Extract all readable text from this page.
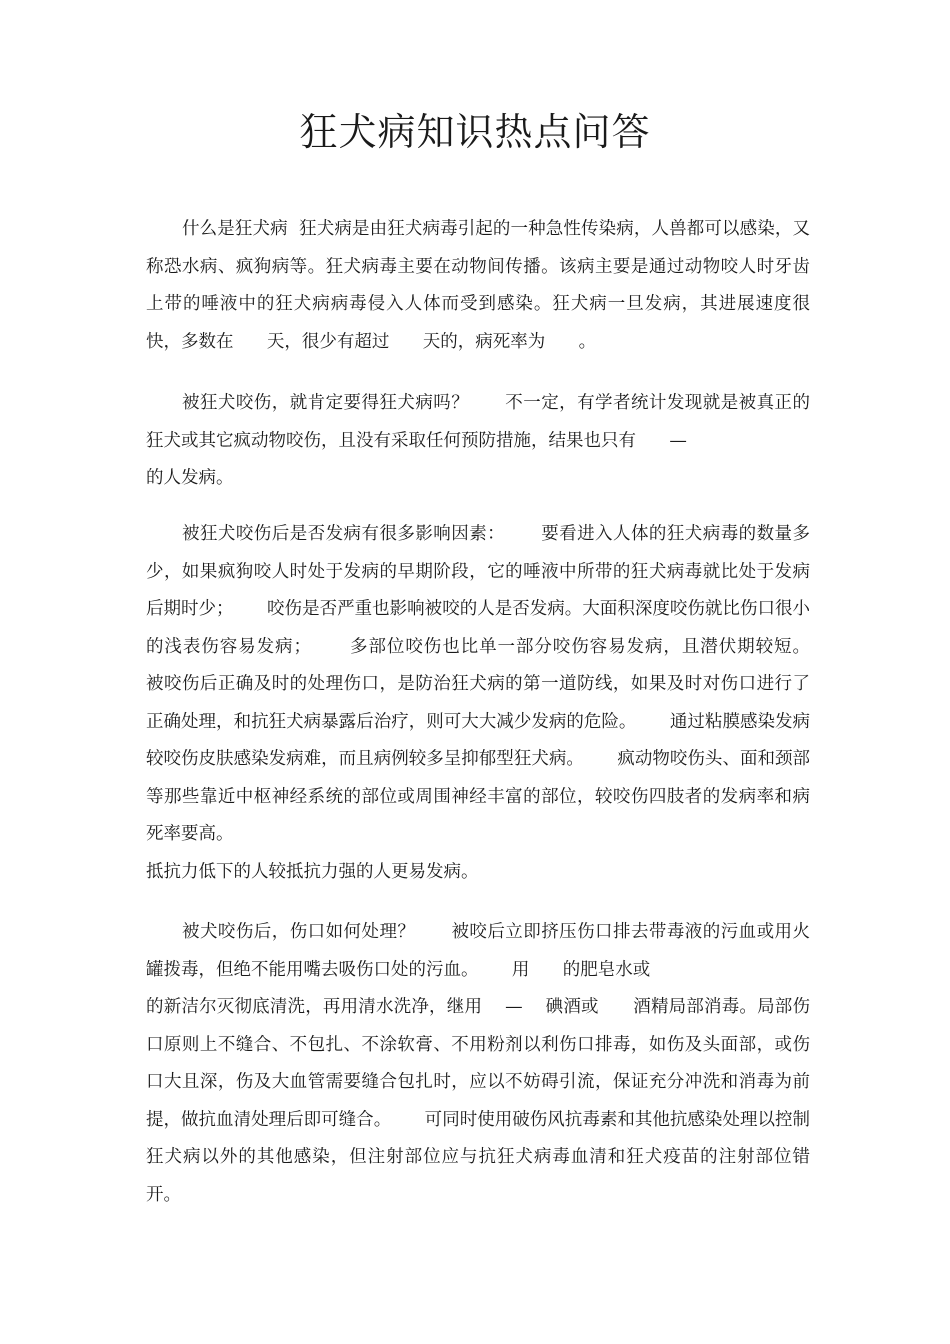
狂犬病知识热点问答
什么是狂犬病  狂犬病是由狂犬病毒引起的一种急性传染病，人兽都可以感染，又称恐水病、疯狗病等。狂犬病毒主要在动物间传播。该病主要是通过动物咬人时牙齿上带的唾液中的狂犬病病毒侵入人体而受到感染。狂犬病一旦发病，其进展速度很快，多数在      天，很少有超过      天的，病死率为      。
被狂犬咬伤，就肯定要得狂犬病吗？      不一定，有学者统计发现就是被真正的狂犬或其它疯动物咬伤，且没有采取任何预防措施，结果也只有      —
的人发病。
被狂犬咬伤后是否发病有很多影响因素：      要看进入人体的狂犬病毒的数量多少，如果疯狗咬人时处于发病的早期阶段，它的唾液中所带的狂犬病毒就比处于发病后期时少；      咬伤是否严重也影响被咬的人是否发病。大面积深度咬伤就比伤口很小的浅表伤容易发病；      多部位咬伤也比单一部分咬伤容易发病，且潜伏期较短。      被咬伤后正确及时的处理伤口，是防治狂犬病的第一道防线，如果及时对伤口进行了正确处理，和抗狂犬病暴露后治疗，则可大大减少发病的危险。      通过粘膜感染发病较咬伤皮肤感染发病难，而且病例较多呈抑郁型狂犬病。      疯动物咬伤头、面和颈部等那些靠近中枢神经系统的部位或周围神经丰富的部位，较咬伤四肢者的发病率和病死率要高。
抵抗力低下的人较抵抗力强的人更易发病。
被犬咬伤后，伤口如何处理？      被咬后立即挤压伤口排去带毒液的污血或用火罐拨毒，但绝不能用嘴去吸伤口处的污血。      用      的肥皂水或
的新洁尔灭彻底清洗，再用清水洗净，继用    —    碘酒或      酒精局部消毒。局部伤口原则上不缝合、不包扎、不涂软膏、不用粉剂以利伤口排毒，如伤及头面部，或伤口大且深，伤及大血管需要缝合包扎时，应以不妨碍引流，保证充分冲洗和消毒为前提，做抗血清处理后即可缝合。      可同时使用破伤风抗毒素和其他抗感染处理以控制狂犬病以外的其他感染，但注射部位应与抗狂犬病毒血清和狂犬疫苗的注射部位错开。
